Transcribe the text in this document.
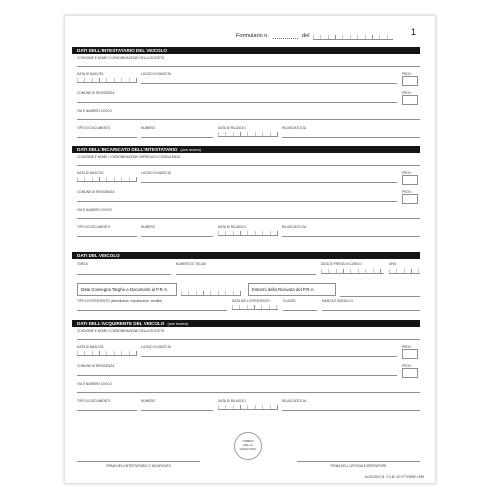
Formulario n.	del	1
DATI DELL'INTESTATARIO DEL VEICOLO
COGNOME E NOME O DENOMINAZIONE DELLA SOCIETÀ
DATA DI NASCITA	LUOGO DI NASCITA	PROV.
COMUNE DI RESIDENZA	PROV.
VIA E NUMERO CIVICO
TIPO DI DOCUMENTO	NUMERO	DATA DI RILASCIO	RILASCIATO DA
DATI DELL'INCARICATO DELL'INTESTATARIO (ove ricorra)
COGNOME E NOME O DENOMINAZIONE IMPRESA DI CONSULENZA
DATA DI NASCITA	LUOGO DI NASCITA	PROV.
COMUNE DI RESIDENZA	PROV.
VIA E NUMERO CIVICO
TIPO DI DOCUMENTO	NUMERO	DATA DI RILASCIO	RILASCIATO DA
DATI DEL VEICOLO
TARGA	NUMERO DI TELAIO	DATA DI PRESA IN CARICO	ORA
Data Consegna Targhe e Documenti al P.R.A.	Estremi della Ricevuta del P.R.A.
TIPO DI INTERVENTO (demolizione, esportazione, vendita)	DATA DELL'INTERVENTO	CLASSE	MARCA E MODELLO
DATI DELL'ACQUIRENTE DEL VEICOLO (ove ricorra)
COGNOME E NOME O DENOMINAZIONE DELLA SOCIETÀ
DATA DI NASCITA	LUOGO DI NASCITA	PROV.
COMUNE DI RESIDENZA	PROV.
VIA E NUMERO CIVICO
TIPO DI DOCUMENTO	NUMERO	DATA DI RILASCIO	RILASCIATO DA
TIMBRO
DELLA
QUESTURA
FIRMA DELL'INTESTATARIO O INCARICATO	FIRMA DELL'UFFICIALE/OPERATORE
ALLEGATO N. 2 D.M. 20 OTTOBRE 1999
